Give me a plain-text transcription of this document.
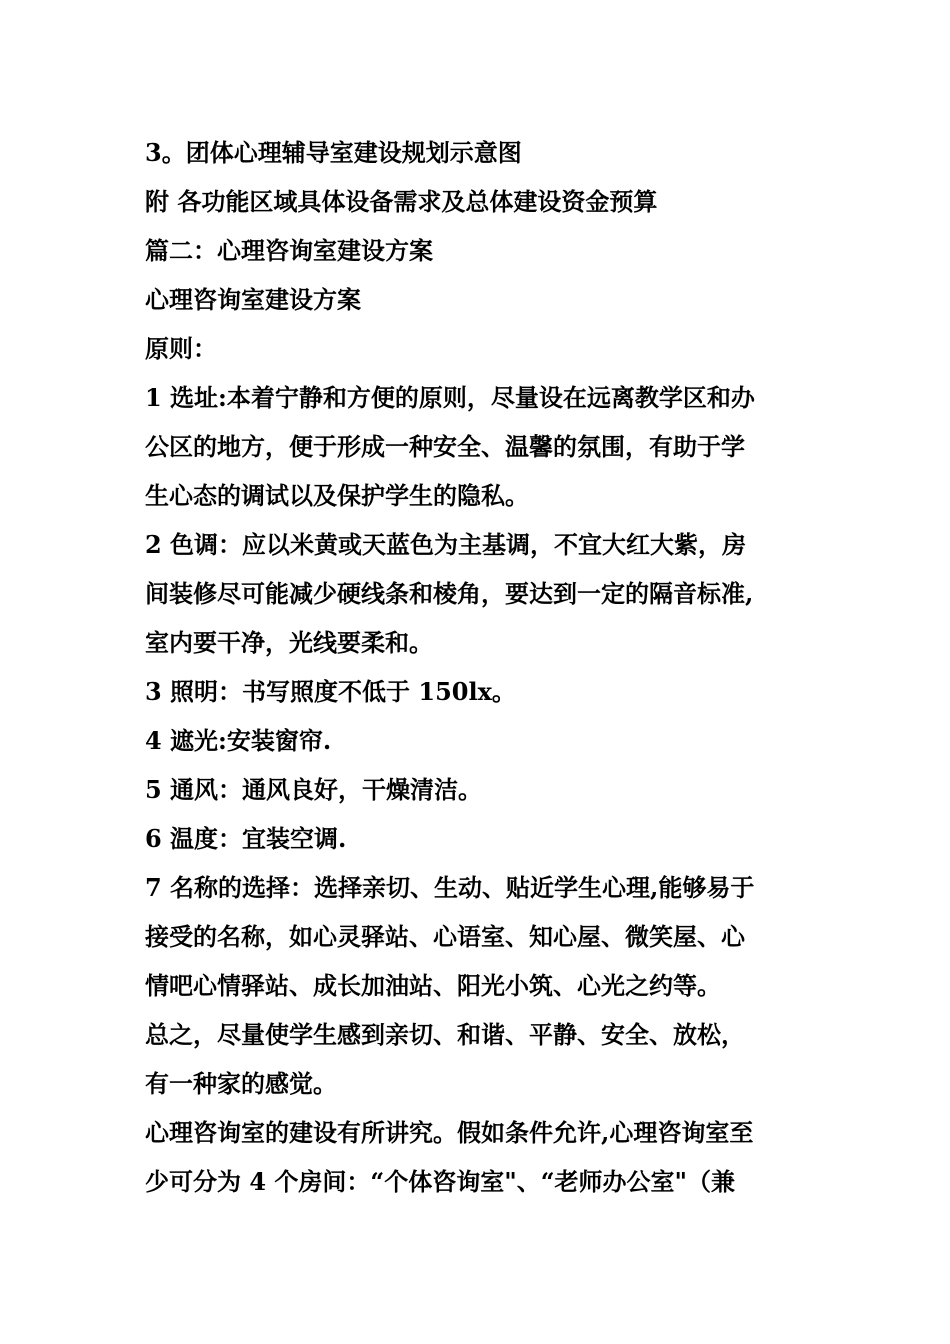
3。团体心理辅导室建设规划示意图
附 各功能区域具体设备需求及总体建设资金预算
篇二：心理咨询室建设方案
心理咨询室建设方案
原则：
1 选址:本着宁静和方便的原则，尽量设在远离教学区和办
公区的地方，便于形成一种安全、温馨的氛围，有助于学
生心态的调试以及保护学生的隐私。
2 色调：应以米黄或天蓝色为主基调，不宜大红大紫，房
间装修尽可能减少硬线条和棱角，要达到一定的隔音标准,
室内要干净，光线要柔和。
3 照明：书写照度不低于 150lx。
4 遮光:安装窗帘.
5 通风：通风良好，干燥清洁。
6 温度：宜装空调.
7 名称的选择：选择亲切、生动、贴近学生心理,能够易于
接受的名称，如心灵驿站、心语室、知心屋、微笑屋、心
情吧心情驿站、成长加油站、阳光小筑、心光之约等。
总之，尽量使学生感到亲切、和谐、平静、安全、放松，
有一种家的感觉。
心理咨询室的建设有所讲究。假如条件允许,心理咨询室至
少可分为 4 个房间：“个体咨询室"、“老师办公室"（兼
